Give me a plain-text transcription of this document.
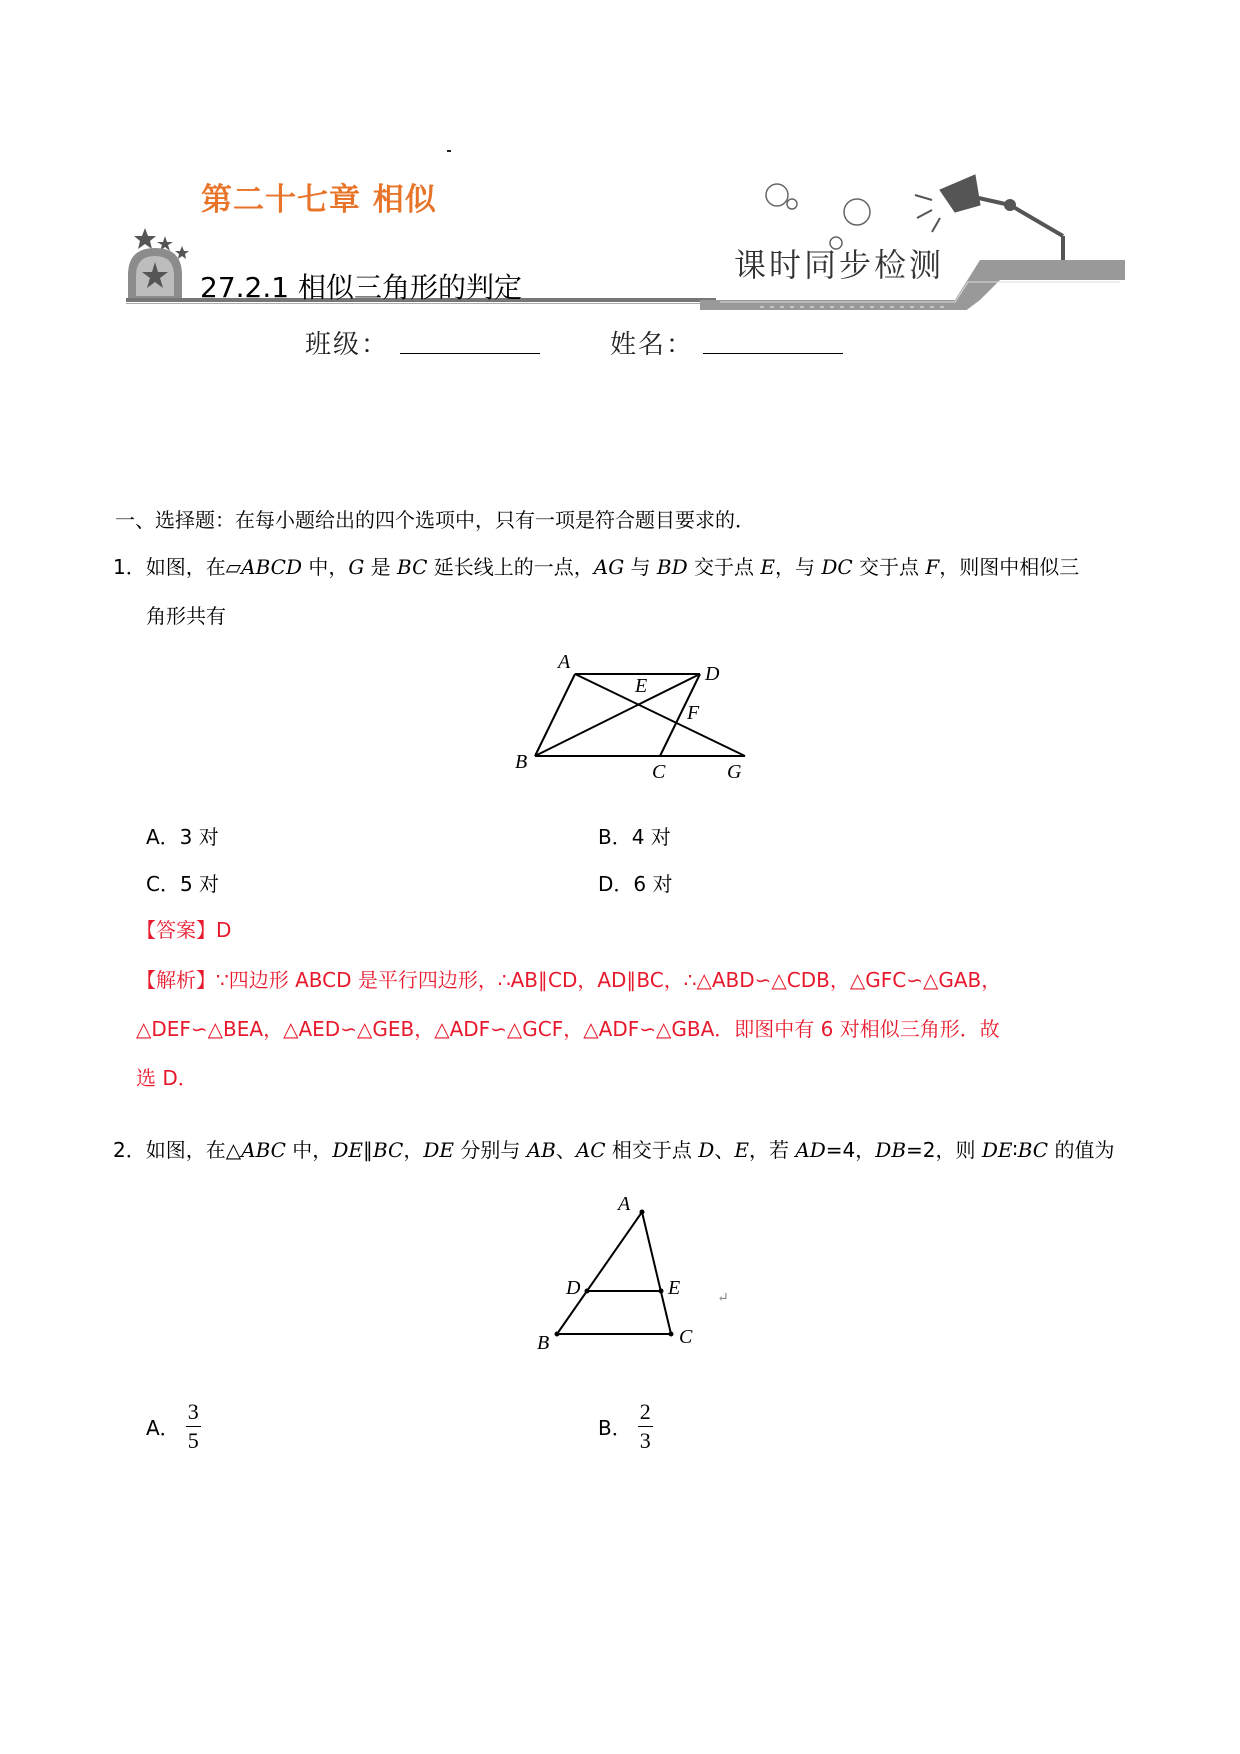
第二十七章 相似
27.2.1 相似三角形的判定
课时同步检测
班级：	姓名：
一、选择题：在每小题给出的四个选项中，只有一项是符合题目要求的．
1．如图，在▱ABCD 中，G 是 BC 延长线上的一点，AG 与 BD 交于点 E，与 DC 交于点 F，则图中相似三
角形共有
A
D
E
F
B	C	G
A．3 对	B．4 对
C．5 对	D．6 对
【答案】D
【解析】∵四边形 ABCD 是平行四边形，∴AB∥CD，AD∥BC，∴△ABD∽△CDB，△GFC∽△GAB，
△DEF∽△BEA，△AED∽△GEB，△ADF∽△GCF，△ADF∽△GBA．即图中有 6 对相似三角形．故
选 D．
2．如图，在△ABC 中，DE∥BC，DE 分别与 AB、AC 相交于点 D、E，若 AD=4，DB=2，则 DE∶BC 的值为
A
D	E
B	C
↵
A． $\frac{3}{5}$	B． $\frac{2}{3}$
